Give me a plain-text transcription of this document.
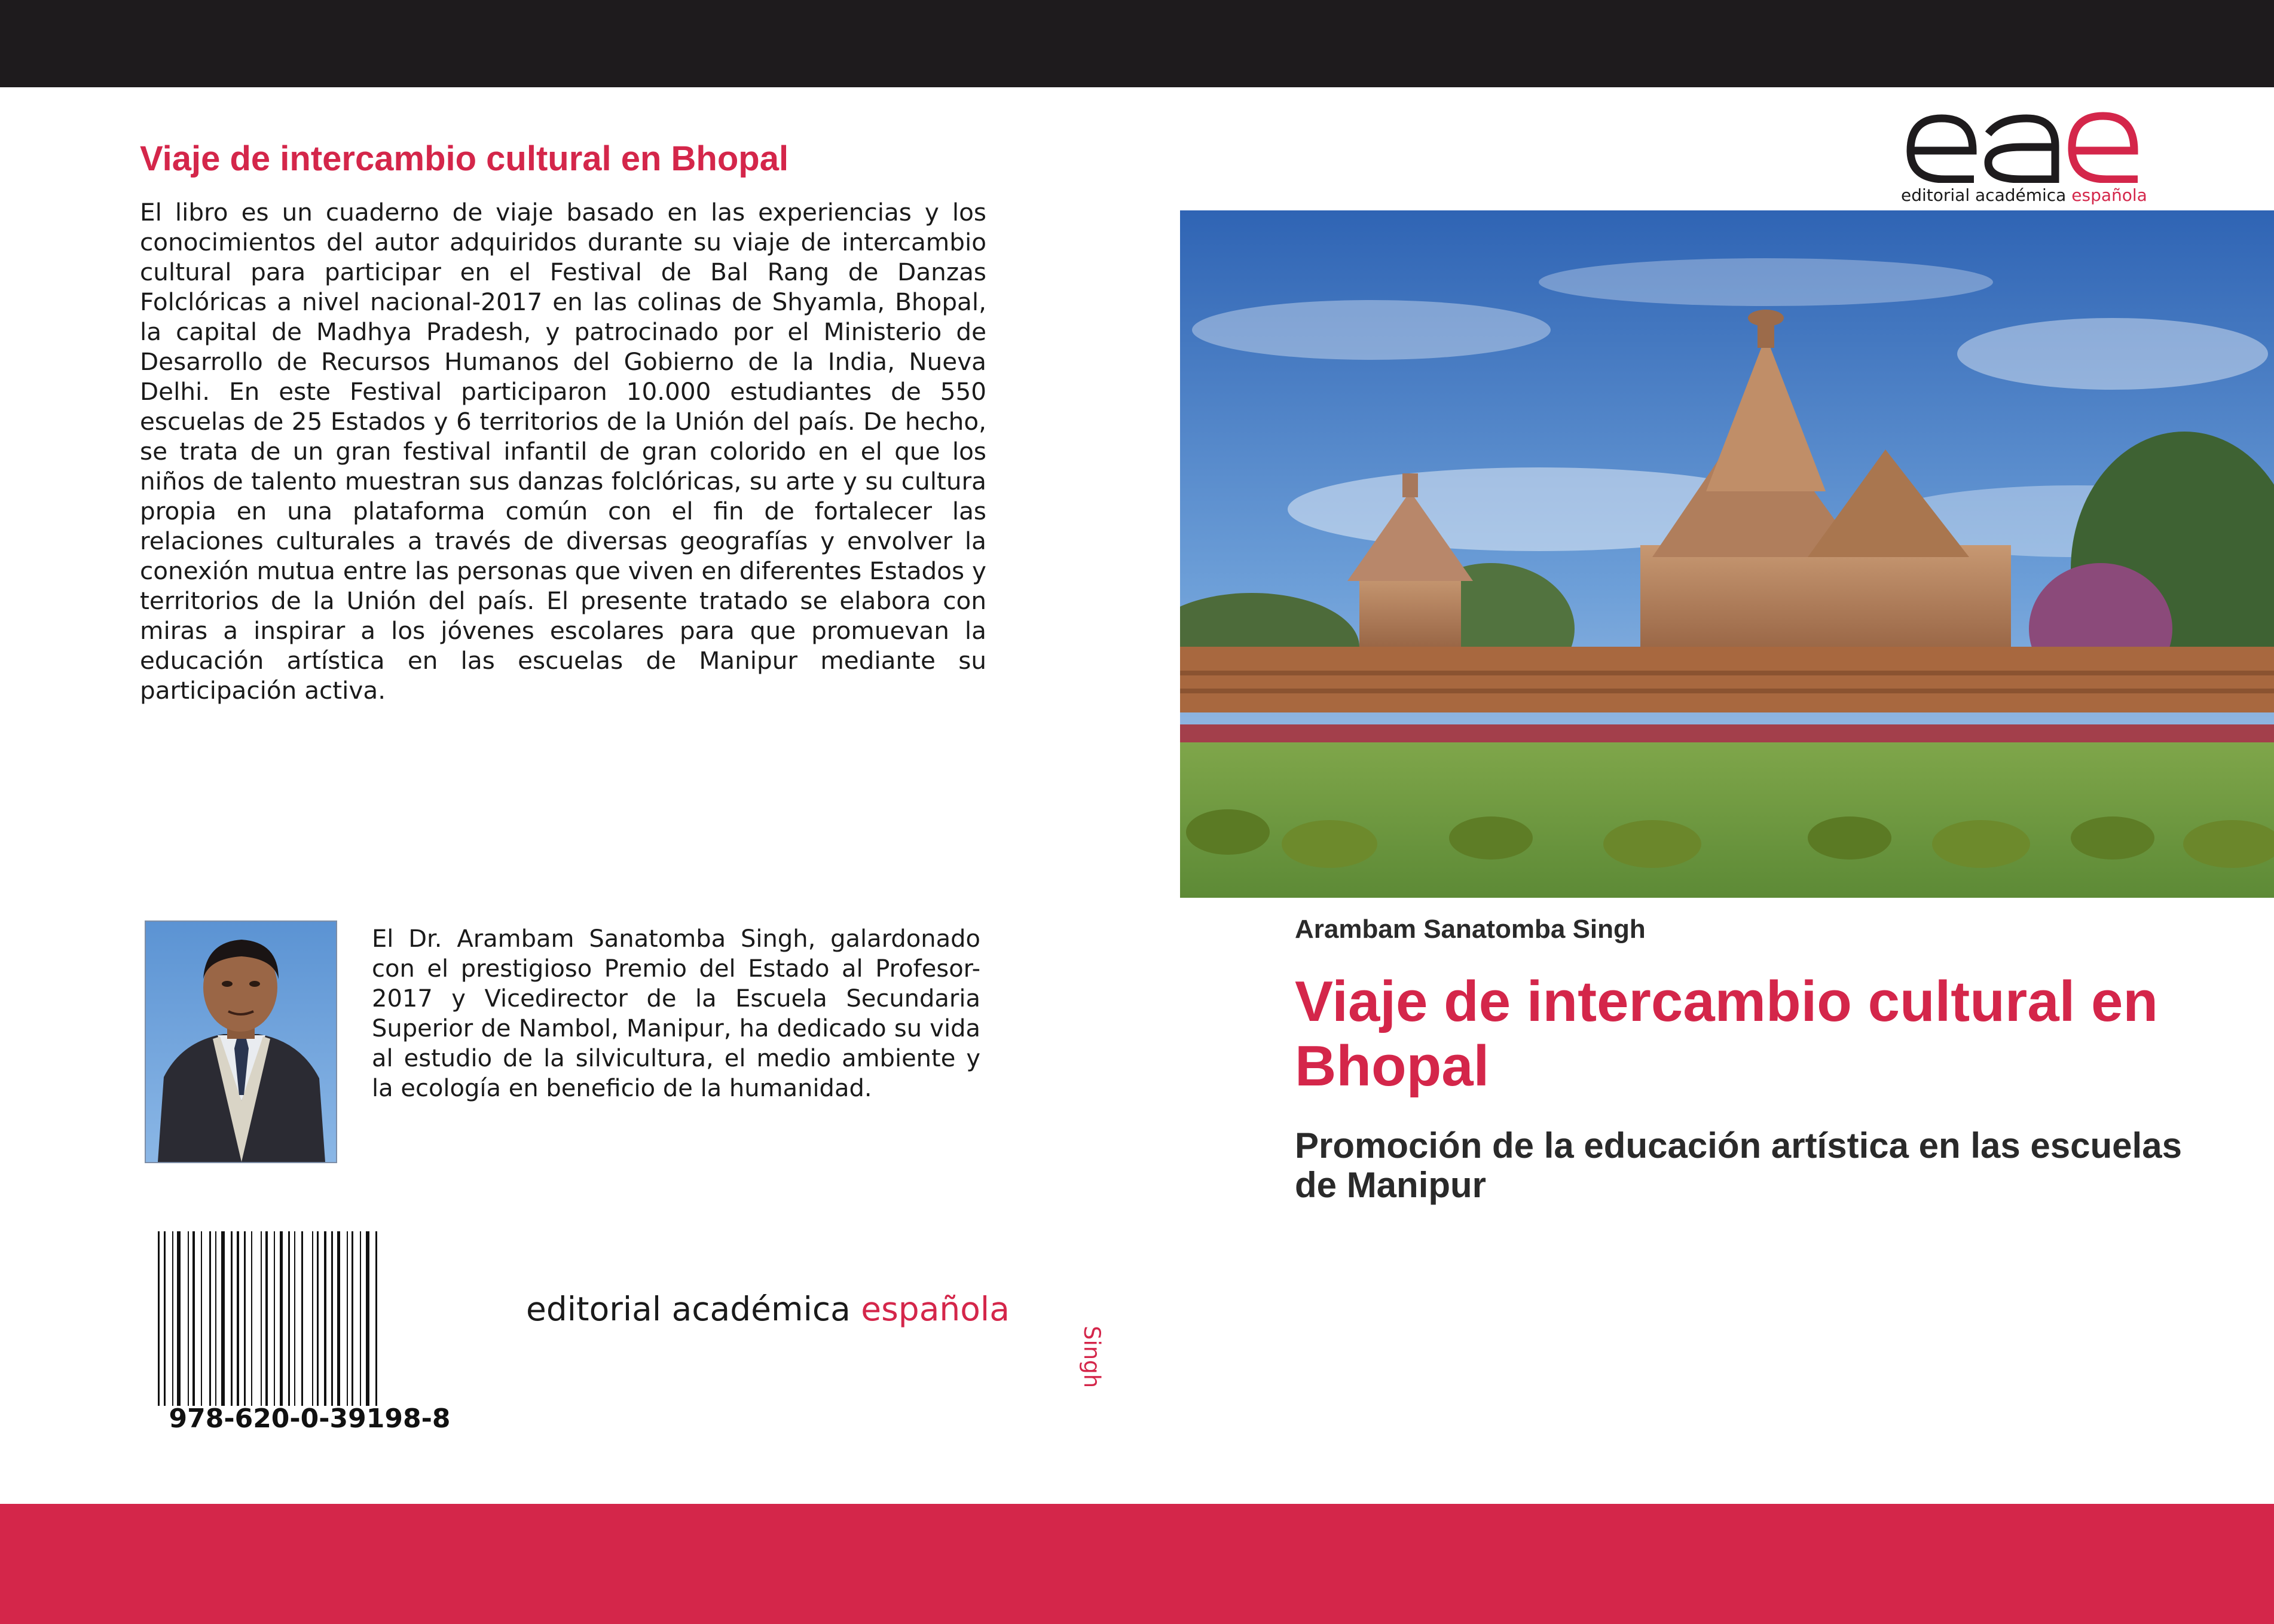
Viaje de intercambio cultural en Bhopal

El libro es un cuaderno de viaje basado en las experiencias y los conocimientos del autor adquiridos durante su viaje de intercambio cultural para participar en el Festival de Bal Rang de Danzas Folclóricas a nivel nacional-2017 en las colinas de Shyamla, Bhopal, la capital de Madhya Pradesh, y patrocinado por el Ministerio de Desarrollo de Recursos Humanos del Gobierno de la India, Nueva Delhi. En este Festival participaron 10.000 estudiantes de 550 escuelas de 25 Estados y 6 territorios de la Unión del país. De hecho, se trata de un gran festival infantil de gran colorido en el que los niños de talento muestran sus danzas folclóricas, su arte y su cultura propia en una plataforma común con el fin de fortalecer las relaciones culturales a través de diversas geografías y envolver la conexión mutua entre las personas que viven en diferentes Estados y territorios de la Unión del país. El presente tratado se elabora con miras a inspirar a los jóvenes escolares para que promuevan la educación artística en las escuelas de Manipur mediante su participación activa.

El Dr. Arambam Sanatomba Singh, galardonado con el prestigioso Premio del Estado al Profesor-2017 y Vicedirector de la Escuela Secundaria Superior de Nambol, Manipur, ha dedicado su vida al estudio de la silvicultura, el medio ambiente y la ecología en beneficio de la humanidad.

978-620-0-39198-8

editorial académica española

Singh
editorial académica española

Arambam Sanatomba Singh

Viaje de intercambio cultural en Bhopal
Promoción de la educación artística en las escuelas de Manipur
